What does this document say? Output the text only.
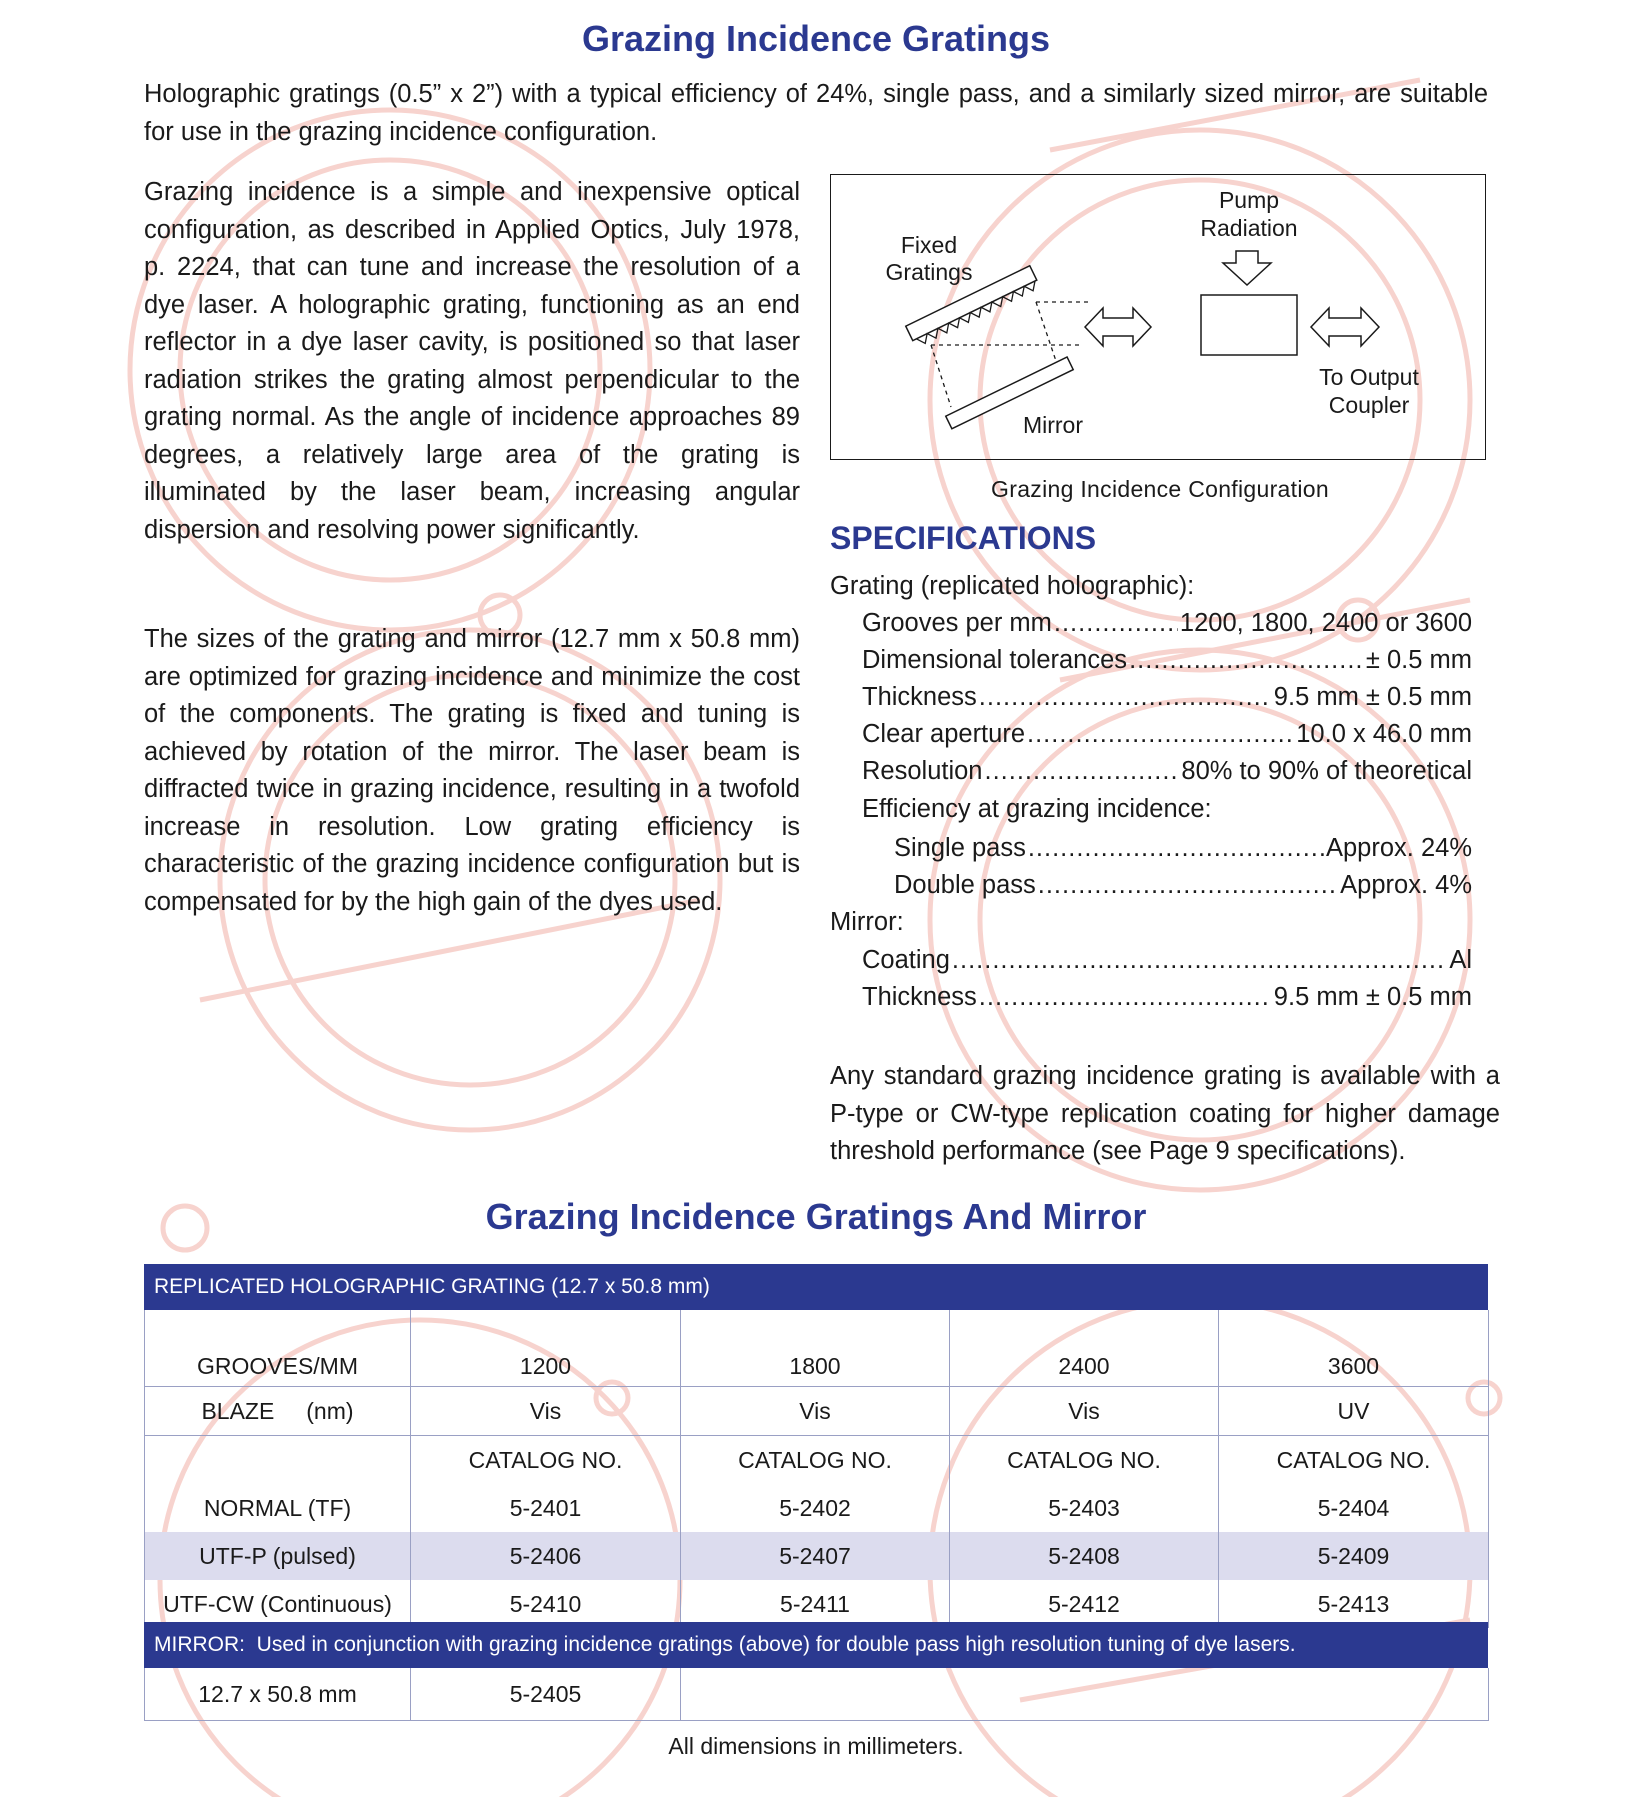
Grazing Incidence Gratings

Holographic gratings (0.5” x 2”) with a typical efficiency of 24%, single pass, and a similarly sized mirror, are suitable for use in the grazing incidence configuration.

Grazing incidence is a simple and inexpensive optical configuration, as described in Applied Optics, July 1978, p. 2224, that can tune and increase the resolution of a dye laser. A holographic grating, functioning as an end reflector in a dye laser cavity, is positioned so that laser radiation strikes the grating almost perpendicular to the grating normal. As the angle of incidence approaches 89 degrees, a relatively large area of the grating is illuminated by the laser beam, increasing angular dispersion and resolving power significantly.

The sizes of the grating and mirror (12.7 mm x 50.8 mm) are optimized for grazing incidence and minimize the cost of the components. The grating is fixed and tuning is achieved by rotation of the mirror. The laser beam is diffracted twice in grazing incidence, resulting in a twofold increase in resolution. Low grating efficiency is characteristic of the grazing incidence configuration but is compensated for by the high gain of the dyes used.

Fixed
Gratings
Pump
Radiation
Mirror
To Output
Coupler

Grazing Incidence Configuration

SPECIFICATIONS

Grating (replicated holographic):

Grooves per mm .....	1200, 1800, 2400 or 3600
Dimensional tolerances .....	± 0.5 mm
Thickness .....	9.5 mm ± 0.5 mm
Clear aperture .....	10.0 x 46.0 mm
Resolution .....	80% to 90% of theoretical

Efficiency at grazing incidence:

Single pass .....	Approx. 24%
Double pass .....	Approx. 4%

Mirror:

Coating .....	Al
Thickness .....	9.5 mm ± 0.5 mm

Any standard grazing incidence grating is available with a P-type or CW-type replication coating for higher damage threshold performance (see Page 9 specifications).

Grazing Incidence Gratings And Mirror
REPLICATED HOLOGRAPHIC GRATING (12.7 x 50.8 mm)
GROOVES/MM	1200	1800	2400	3600
BLAZE     (nm)	Vis	Vis	Vis	UV
	CATALOG NO.	CATALOG NO.	CATALOG NO.	CATALOG NO.
NORMAL (TF)	5-2401	5-2402	5-2403	5-2404
UTF-P (pulsed)	5-2406	5-2407	5-2408	5-2409
UTF-CW (Continuous)	5-2410	5-2411	5-2412	5-2413
MIRROR:  Used in conjunction with grazing incidence gratings (above) for double pass high resolution tuning of dye lasers.
12.7 x 50.8 mm	5-2405	

All dimensions in millimeters.
